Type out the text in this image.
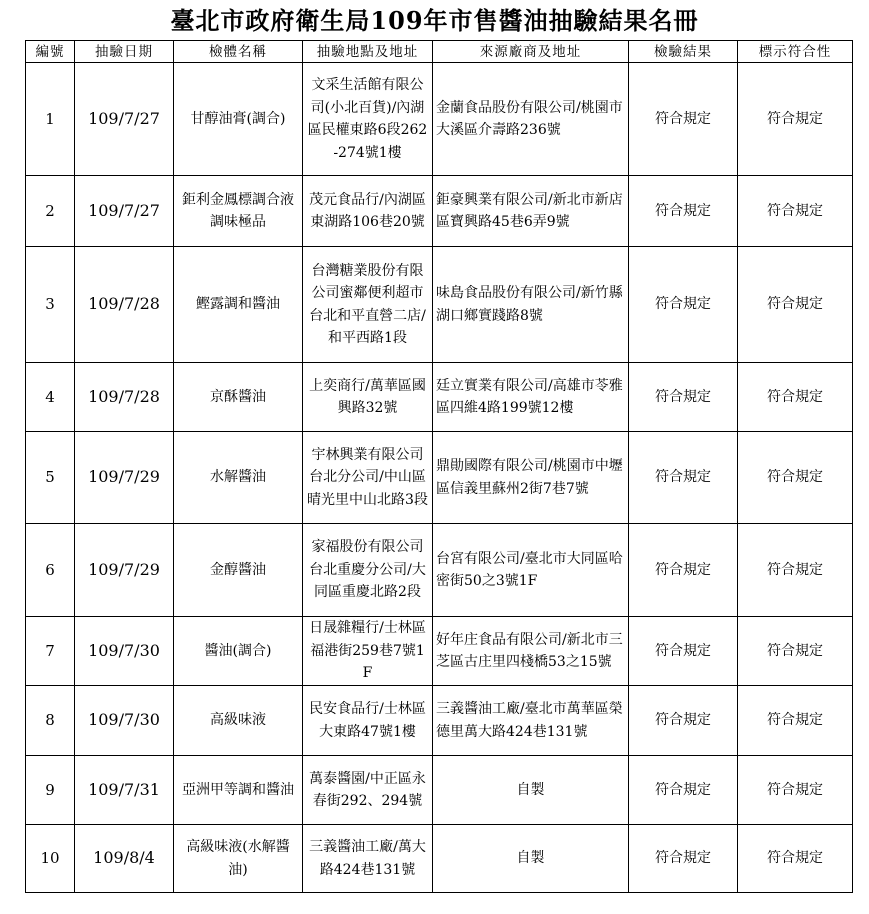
臺北市政府衛生局109年市售醬油抽驗結果名冊
編號	抽驗日期	檢體名稱	抽驗地點及地址	來源廠商及地址	檢驗結果	標示符合性
1	109/7/27	甘醇油膏(調合)	文采生活館有限公司(小北百貨)/內湖區民權東路6段262-274號1樓	金蘭食品股份有限公司/桃園市大溪區介壽路236號	符合規定	符合規定
2	109/7/27	鉅利金鳳標調合液調味極品	茂元食品行/內湖區東湖路106巷20號	鉅豪興業有限公司/新北市新店區寶興路45巷6弄9號	符合規定	符合規定
3	109/7/28	鰹露調和醬油	台灣糖業股份有限公司蜜鄰便利超市台北和平直營二店/和平西路1段	味島食品股份有限公司/新竹縣湖口鄉實踐路8號	符合規定	符合規定
4	109/7/28	京酥醬油	上奕商行/萬華區國興路32號	廷立實業有限公司/高雄市苓雅區四維4路199號12樓	符合規定	符合規定
5	109/7/29	水解醬油	宇林興業有限公司台北分公司/中山區晴光里中山北路3段	鼎勛國際有限公司/桃園市中壢區信義里蘇州2街7巷7號	符合規定	符合規定
6	109/7/29	金醇醬油	家福股份有限公司台北重慶分公司/大同區重慶北路2段	台宮有限公司/臺北市大同區哈密街50之3號1F	符合規定	符合規定
7	109/7/30	醬油(調合)	日晟雜糧行/士林區福港街259巷7號1F	好年庄食品有限公司/新北市三芝區古庄里四棧橋53之15號	符合規定	符合規定
8	109/7/30	高級味液	民安食品行/士林區大東路47號1樓	三義醬油工廠/臺北市萬華區榮德里萬大路424巷131號	符合規定	符合規定
9	109/7/31	亞洲甲等調和醬油	萬泰醬園/中正區永春街292、294號	自製	符合規定	符合規定
10	109/8/4	高級味液(水解醬油)	三義醬油工廠/萬大路424巷131號	自製	符合規定	符合規定
